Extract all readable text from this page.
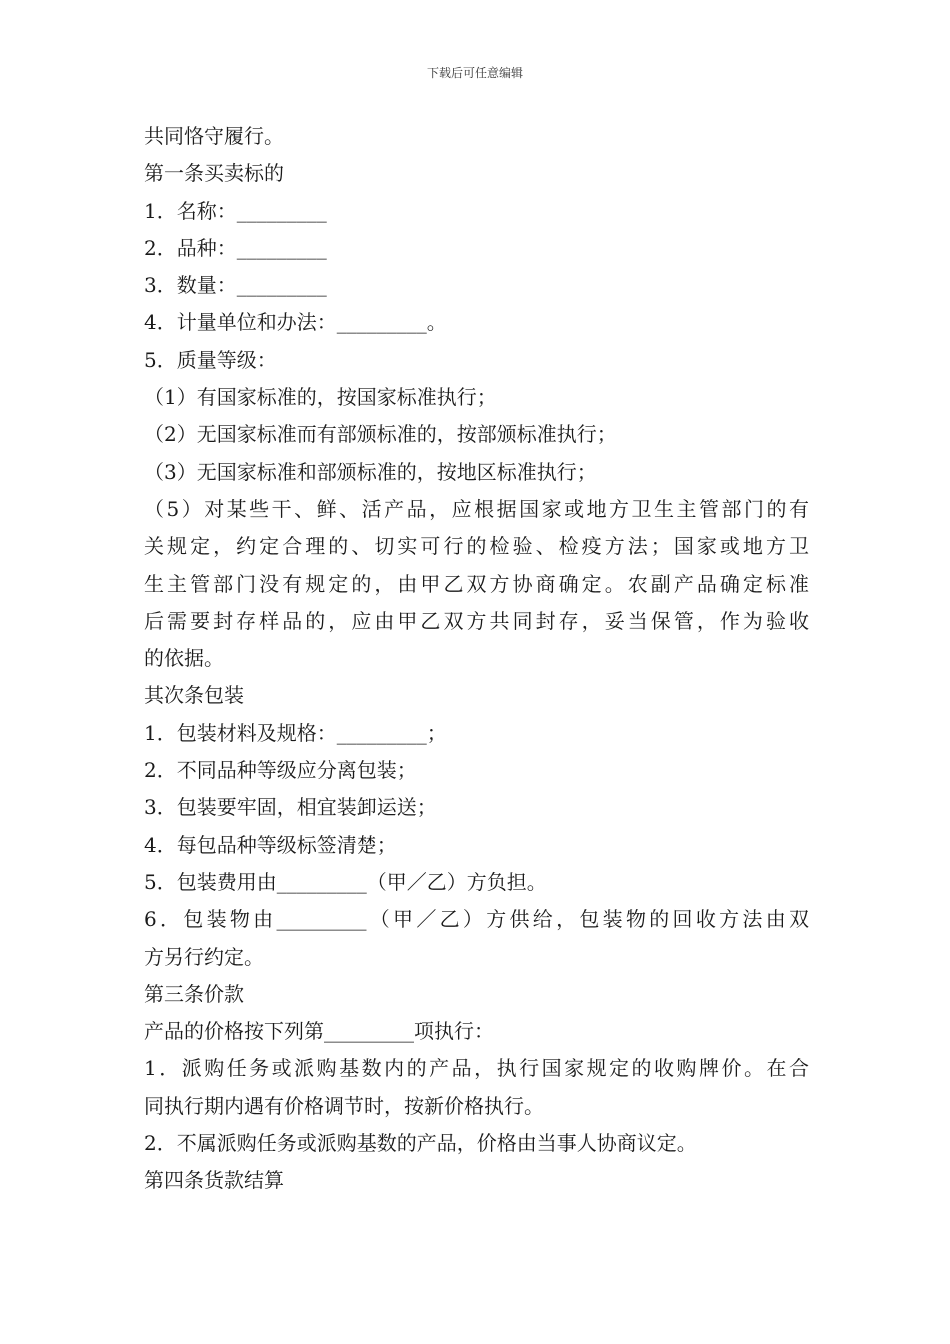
下载后可任意编辑
共同恪守履行。
第一条买卖标的
1．名称：_________
2．品种：_________
3．数量：_________
4．计量单位和办法：_________。
5．质量等级：
（1）有国家标准的，按国家标准执行；
（2）无国家标准而有部颁标准的，按部颁标准执行；
（3）无国家标准和部颁标准的，按地区标准执行；
（5）对某些干、鲜、活产品，应根据国家或地方卫生主管部门的有
关规定，约定合理的、切实可行的检验、检疫方法；国家或地方卫
生主管部门没有规定的，由甲乙双方协商确定。农副产品确定标准
后需要封存样品的，应由甲乙双方共同封存，妥当保管，作为验收
的依据。
其次条包装
1．包装材料及规格：_________；
2．不同品种等级应分离包装；
3．包装要牢固，相宜装卸运送；
4．每包品种等级标签清楚；
5．包装费用由_________（甲／乙）方负担。
6．包装物由_________（甲／乙）方供给，包装物的回收方法由双
方另行约定。
第三条价款
产品的价格按下列第_________项执行：
1．派购任务或派购基数内的产品，执行国家规定的收购牌价。在合
同执行期内遇有价格调节时，按新价格执行。
2．不属派购任务或派购基数的产品，价格由当事人协商议定。
第四条货款结算
